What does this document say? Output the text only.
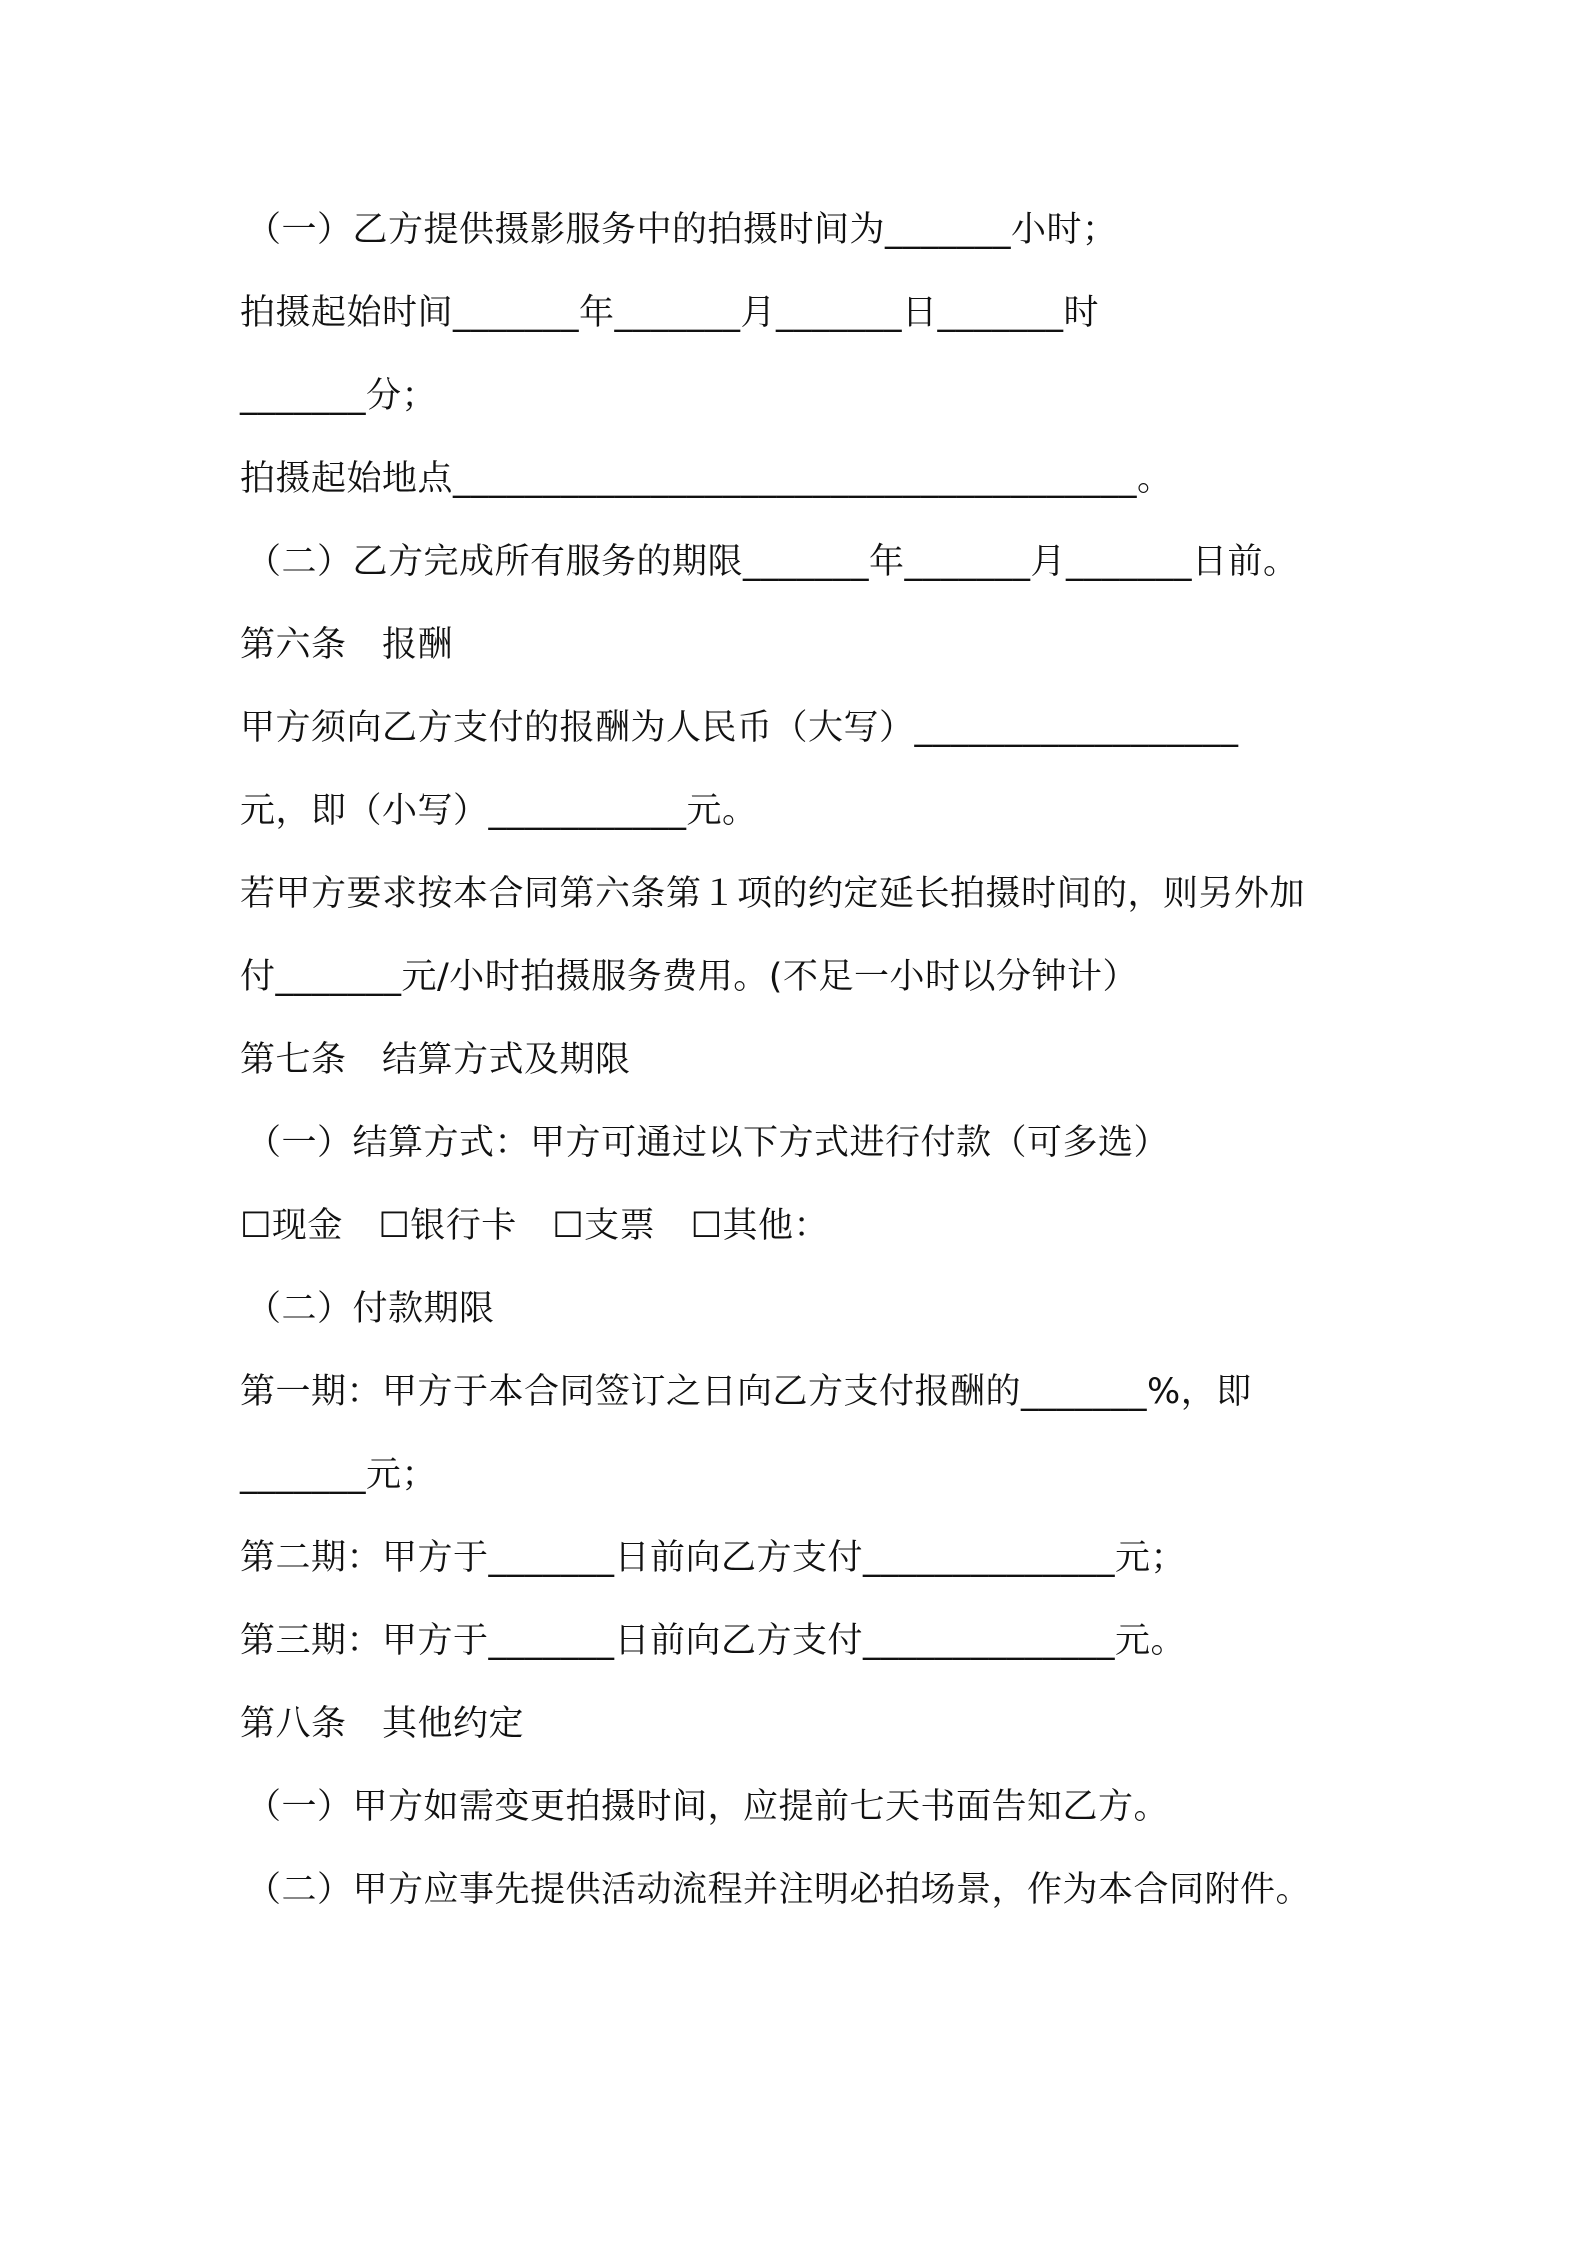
（一）乙方提供摄影服务中的拍摄时间为_______小时；
拍摄起始时间_______年_______月_______日_______时
_______分；
拍摄起始地点______________________________________。
（二）乙方完成所有服务的期限_______年_______月_______日前。
第六条　报酬
甲方须向乙方支付的报酬为人民币（大写）__________________
元，即（小写）___________元。
若甲方要求按本合同第六条第１项的约定延长拍摄时间的，则另外加
付_______元/小时拍摄服务费用。(不足一小时以分钟计）
第七条　结算方式及期限
（一）结算方式：甲方可通过以下方式进行付款（可多选）
☐现金　☐银行卡　☐支票　☐其他：
（二）付款期限
第一期：甲方于本合同签订之日向乙方支付报酬的_______%，即
_______元；
第二期：甲方于_______日前向乙方支付______________元；
第三期：甲方于_______日前向乙方支付______________元。
第八条　其他约定
（一）甲方如需变更拍摄时间，应提前七天书面告知乙方。
（二）甲方应事先提供活动流程并注明必拍场景，作为本合同附件。
